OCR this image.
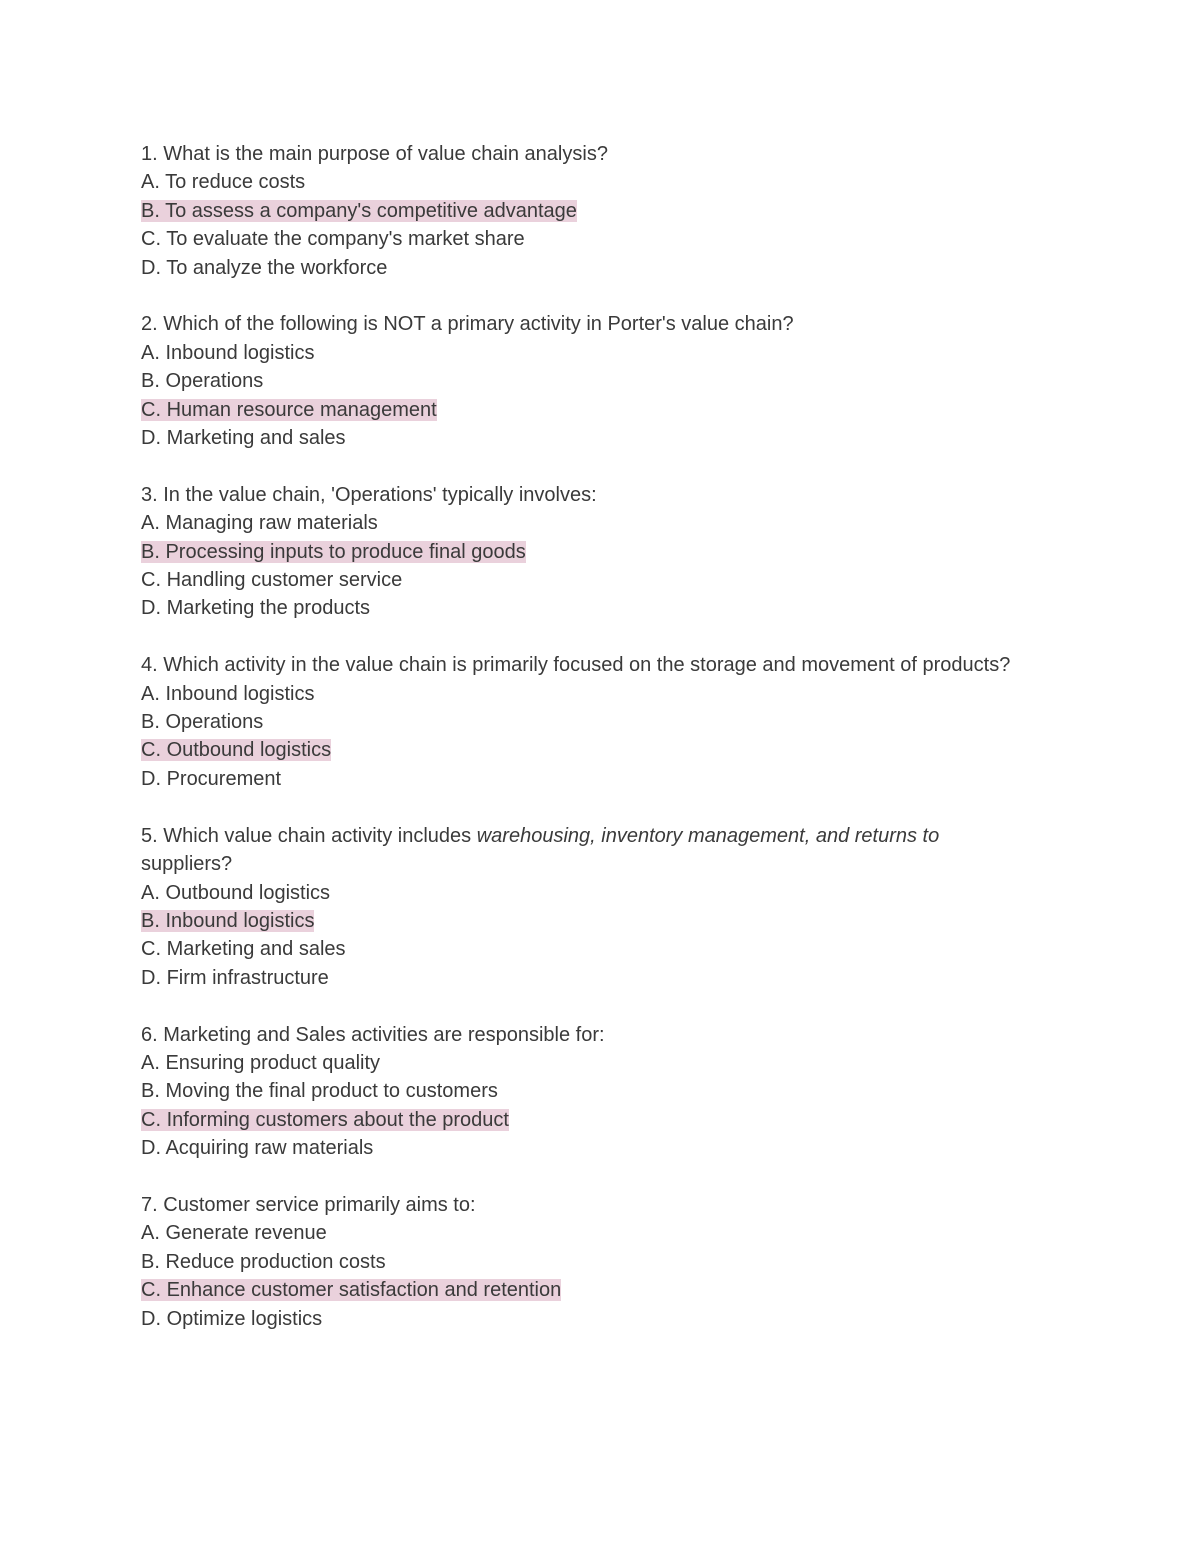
1. What is the main purpose of value chain analysis?
A. To reduce costs
B. To assess a company's competitive advantage
C. To evaluate the company's market share
D. To analyze the workforce
2. Which of the following is NOT a primary activity in Porter's value chain?
A. Inbound logistics
B. Operations
C. Human resource management
D. Marketing and sales
3. In the value chain, 'Operations' typically involves:
A. Managing raw materials
B. Processing inputs to produce final goods
C. Handling customer service
D. Marketing the products
4. Which activity in the value chain is primarily focused on the storage and movement of products?
A. Inbound logistics
B. Operations
C. Outbound logistics
D. Procurement
5. Which value chain activity includes warehousing, inventory management, and returns to suppliers?
A. Outbound logistics
B. Inbound logistics
C. Marketing and sales
D. Firm infrastructure
6. Marketing and Sales activities are responsible for:
A. Ensuring product quality
B. Moving the final product to customers
C. Informing customers about the product
D. Acquiring raw materials
7. Customer service primarily aims to:
A. Generate revenue
B. Reduce production costs
C. Enhance customer satisfaction and retention
D. Optimize logistics
